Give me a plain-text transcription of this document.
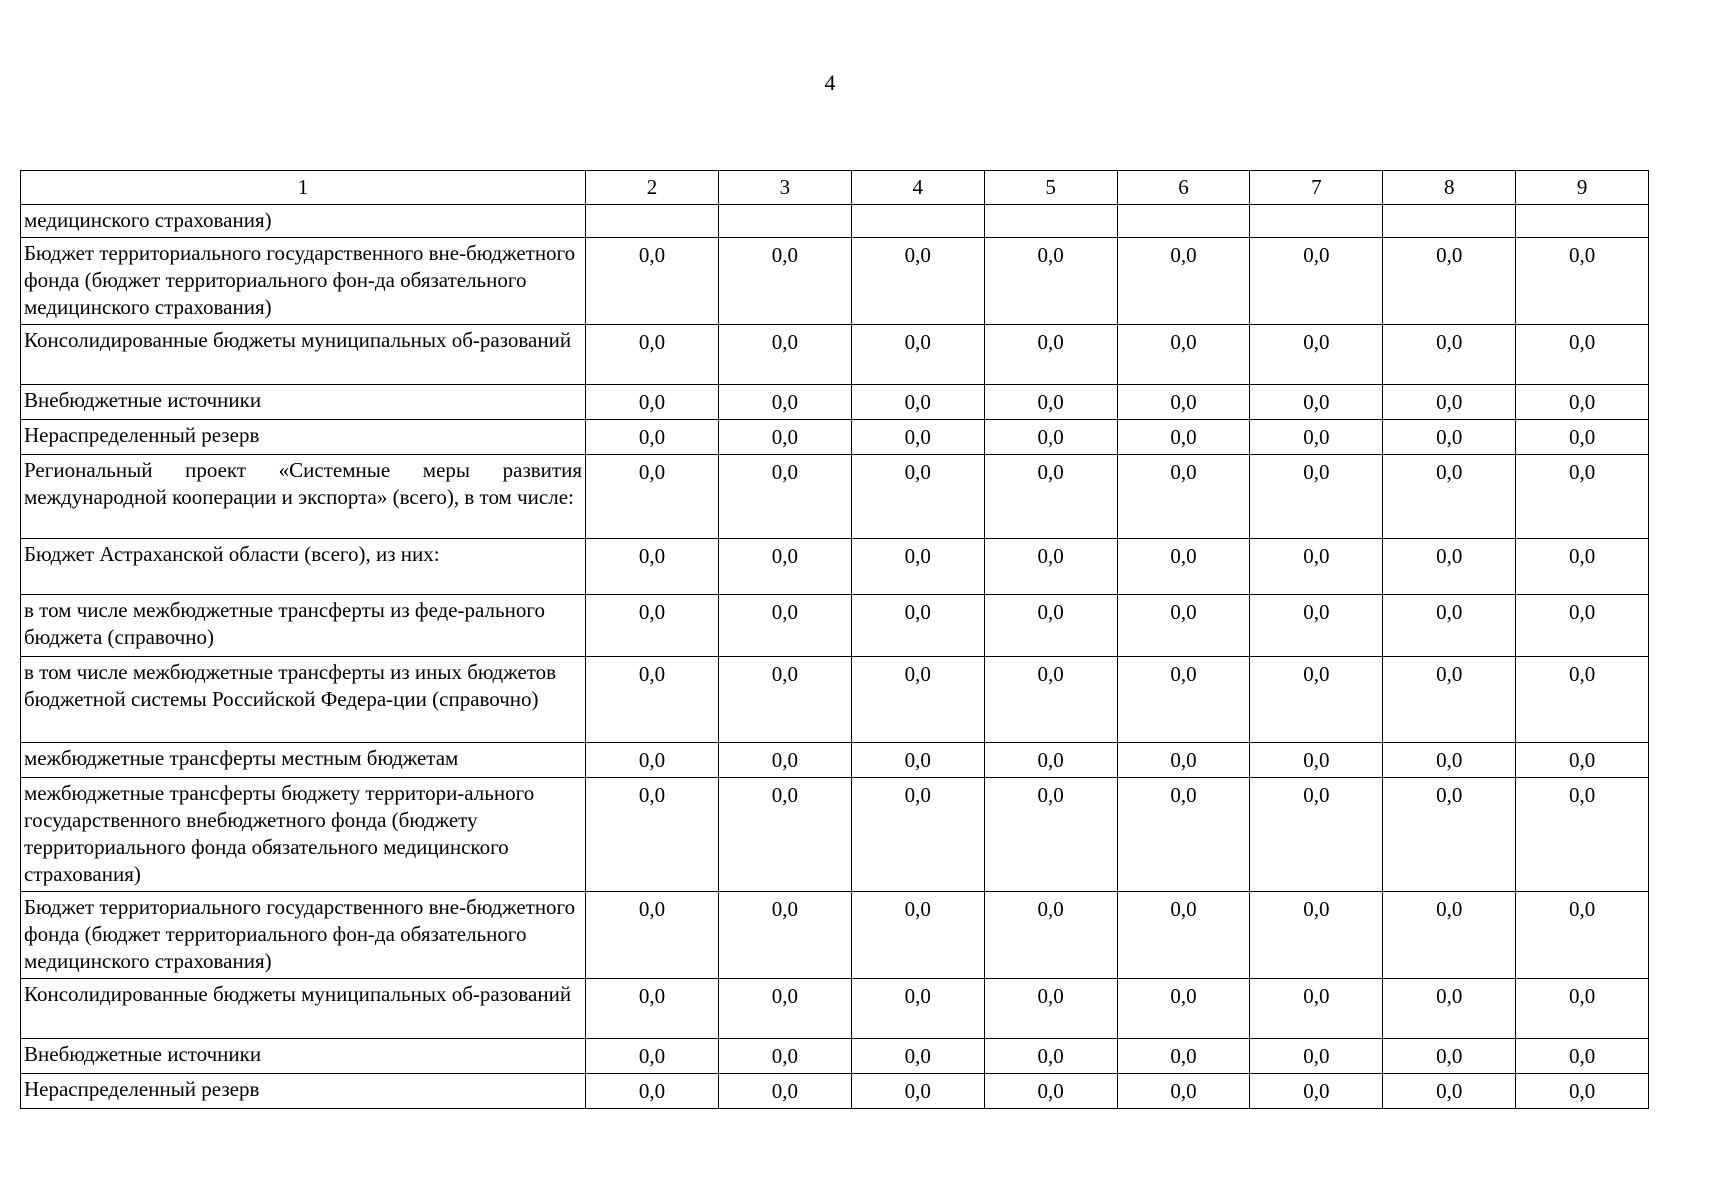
4
1	2	3	4	5	6	7	8	9
медицинского страхования)								
Бюджет территориального государственного вне-бюджетного фонда (бюджет территориального фон-да обязательного медицинского страхования)	0,0	0,0	0,0	0,0	0,0	0,0	0,0	0,0
Консолидированные бюджеты муниципальных об-разований	0,0	0,0	0,0	0,0	0,0	0,0	0,0	0,0
Внебюджетные источники	0,0	0,0	0,0	0,0	0,0	0,0	0,0	0,0
Нераспределенный резерв	0,0	0,0	0,0	0,0	0,0	0,0	0,0	0,0
Региональный проект «Системные меры развития международной кооперации и экспорта» (всего), в том числе:	0,0	0,0	0,0	0,0	0,0	0,0	0,0	0,0
Бюджет Астраханской области (всего), из них:	0,0	0,0	0,0	0,0	0,0	0,0	0,0	0,0
в том числе межбюджетные трансферты из феде-рального бюджета (справочно)	0,0	0,0	0,0	0,0	0,0	0,0	0,0	0,0
в том числе межбюджетные трансферты из иных бюджетов бюджетной системы Российской Федера-ции (справочно)	0,0	0,0	0,0	0,0	0,0	0,0	0,0	0,0
межбюджетные трансферты местным бюджетам	0,0	0,0	0,0	0,0	0,0	0,0	0,0	0,0
межбюджетные трансферты бюджету территори-ального государственного внебюджетного фонда (бюджету территориального фонда обязательного медицинского страхования)	0,0	0,0	0,0	0,0	0,0	0,0	0,0	0,0
Бюджет территориального государственного вне-бюджетного фонда (бюджет территориального фон-да обязательного медицинского страхования)	0,0	0,0	0,0	0,0	0,0	0,0	0,0	0,0
Консолидированные бюджеты муниципальных об-разований	0,0	0,0	0,0	0,0	0,0	0,0	0,0	0,0
Внебюджетные источники	0,0	0,0	0,0	0,0	0,0	0,0	0,0	0,0
Нераспределенный резерв	0,0	0,0	0,0	0,0	0,0	0,0	0,0	0,0
